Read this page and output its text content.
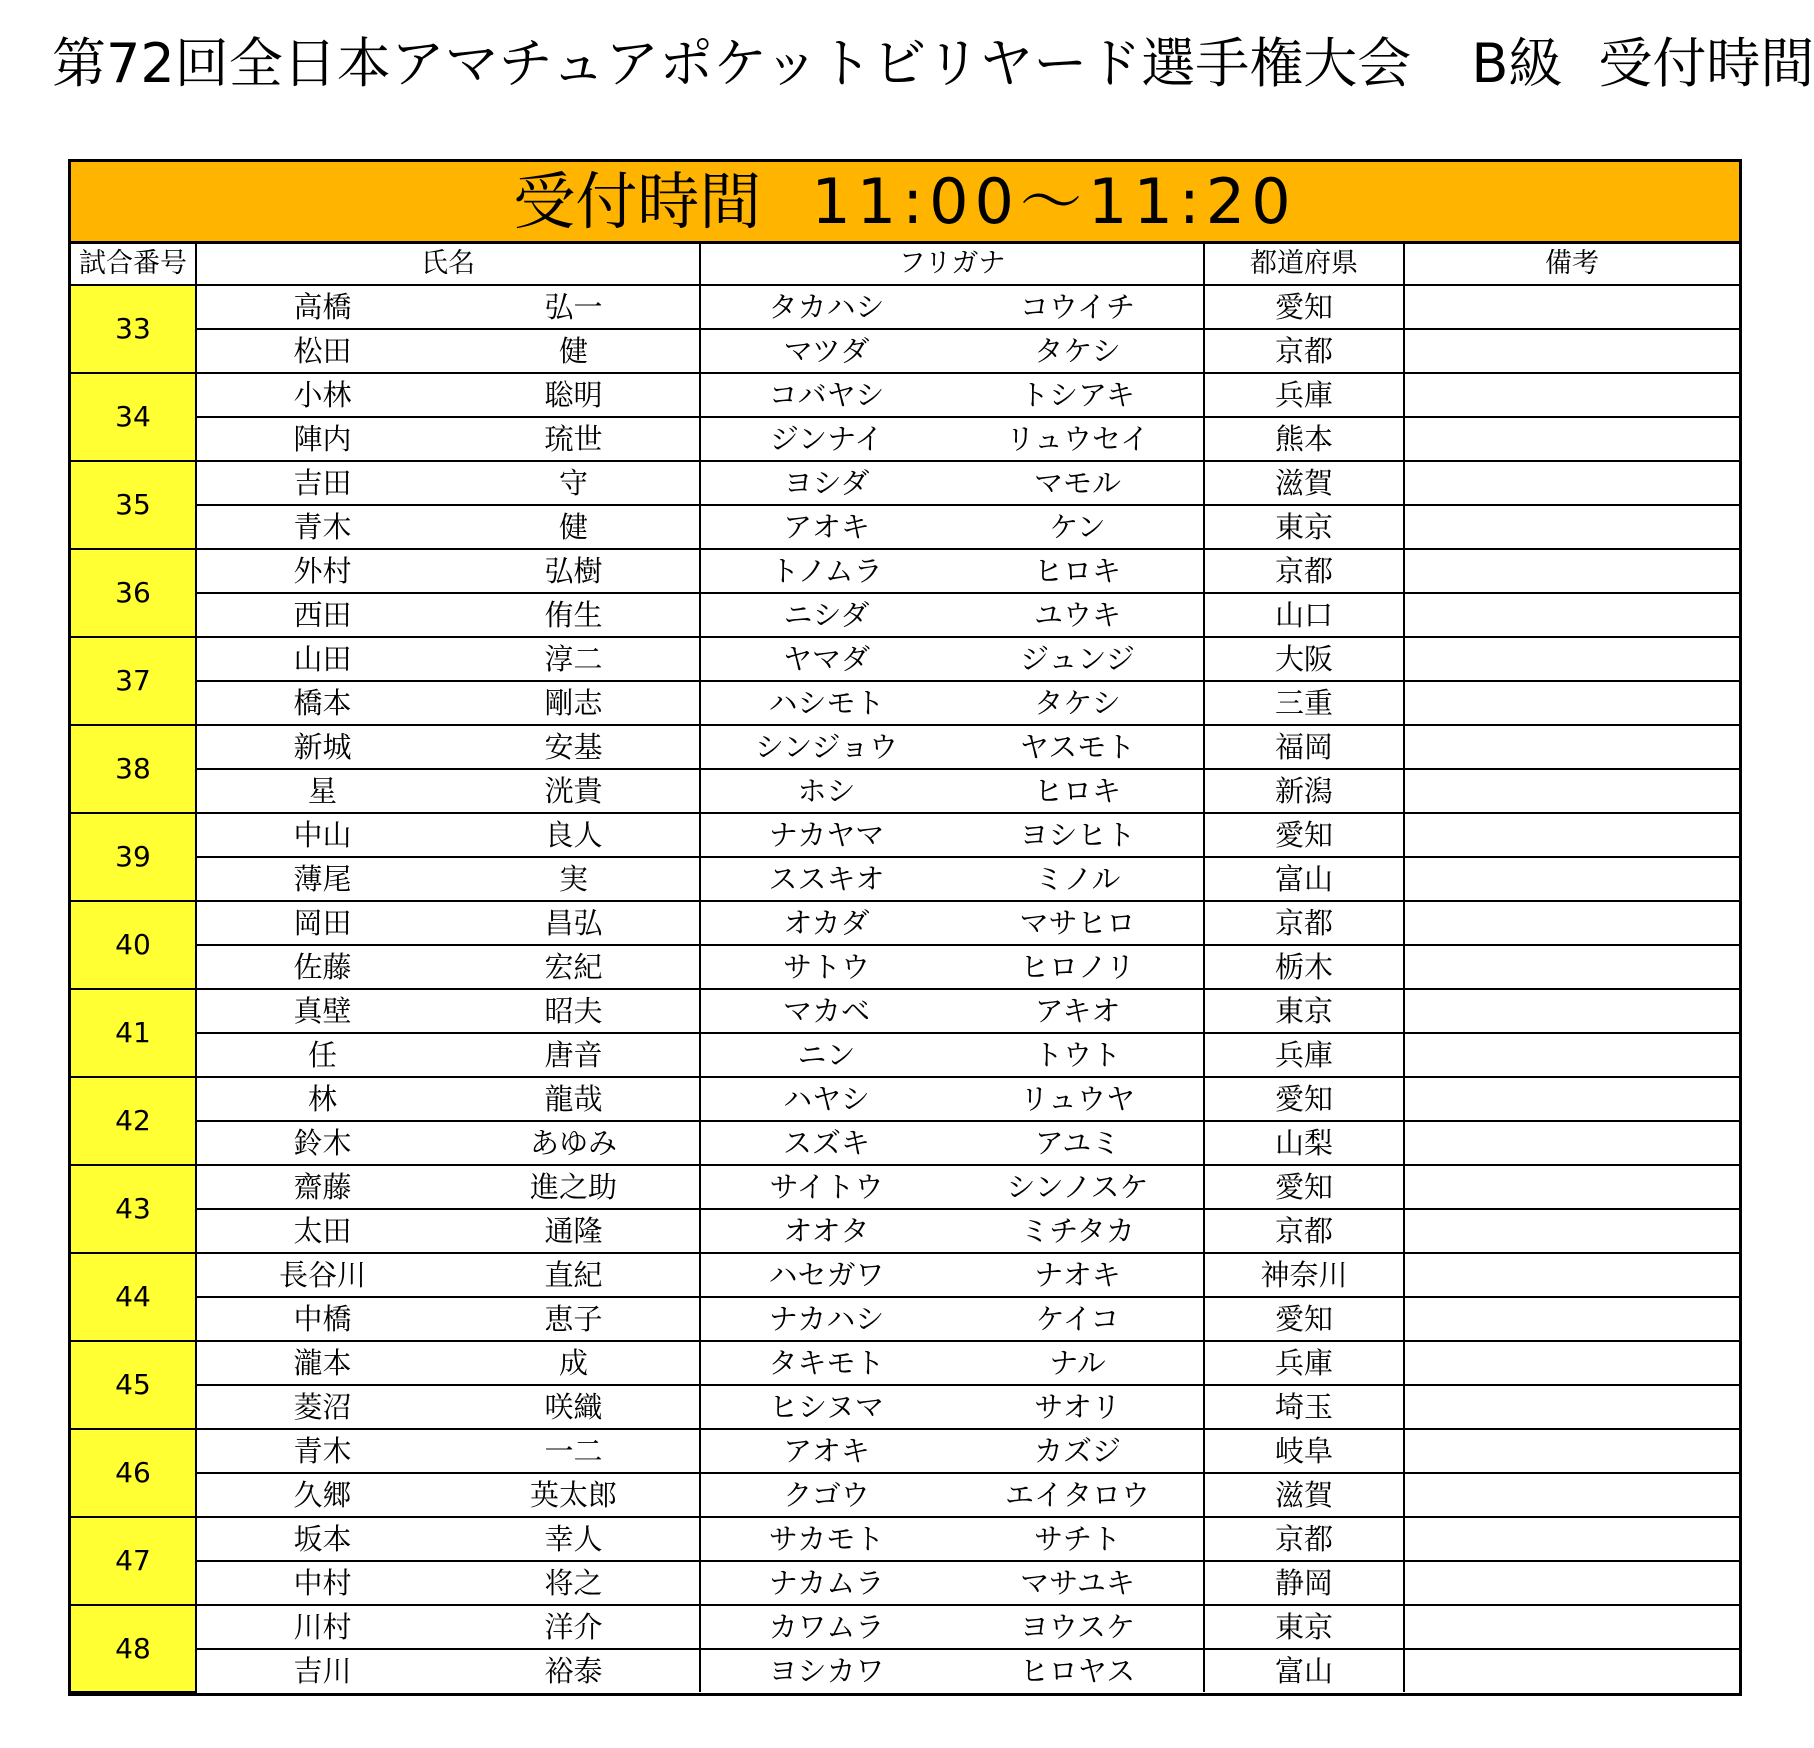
第72回全日本アマチュアポケットビリヤード選手権大会 B級 受付時間
受付時間 11:00〜11:20
試合番号	氏名	フリガナ	都道府県	備考
33	高橋 弘一	タカハシ コウイチ	愛知	

	松田 健	マツダ タケシ	京都	
34	小林 聡明	コバヤシ トシアキ	兵庫	

	陣内 琉世	ジンナイ リュウセイ	熊本	
35	吉田 守	ヨシダ マモル	滋賀	

	青木 健	アオキ ケン	東京	
36	外村 弘樹	トノムラ ヒロキ	京都	

	西田 侑生	ニシダ ユウキ	山口	
37	山田 淳二	ヤマダ ジュンジ	大阪	

	橋本 剛志	ハシモト タケシ	三重	
38	新城 安基	シンジョウ ヤスモト	福岡	

	星 洸貴	ホシ ヒロキ	新潟	
39	中山 良人	ナカヤマ ヨシヒト	愛知	

	薄尾 実	ススキオ ミノル	富山	
40	岡田 昌弘	オカダ マサヒロ	京都	

	佐藤 宏紀	サトウ ヒロノリ	栃木	
41	真壁 昭夫	マカベ アキオ	東京	

	任 唐音	ニン トウト	兵庫	
42	林 龍哉	ハヤシ リュウヤ	愛知	

	鈴木 あゆみ	スズキ アユミ	山梨	
43	齋藤 進之助	サイトウ シンノスケ	愛知	

	太田 通隆	オオタ ミチタカ	京都	
44	長谷川 直紀	ハセガワ ナオキ	神奈川	

	中橋 恵子	ナカハシ ケイコ	愛知	
45	瀧本 成	タキモト ナル	兵庫	

	菱沼 咲織	ヒシヌマ サオリ	埼玉	
46	青木 一二	アオキ カズジ	岐阜	

	久郷 英太郎	クゴウ エイタロウ	滋賀	
47	坂本 幸人	サカモト サチト	京都	

	中村 将之	ナカムラ マサユキ	静岡	
48	川村 洋介	カワムラ ヨウスケ	東京	

	吉川 裕泰	ヨシカワ ヒロヤス	富山	
